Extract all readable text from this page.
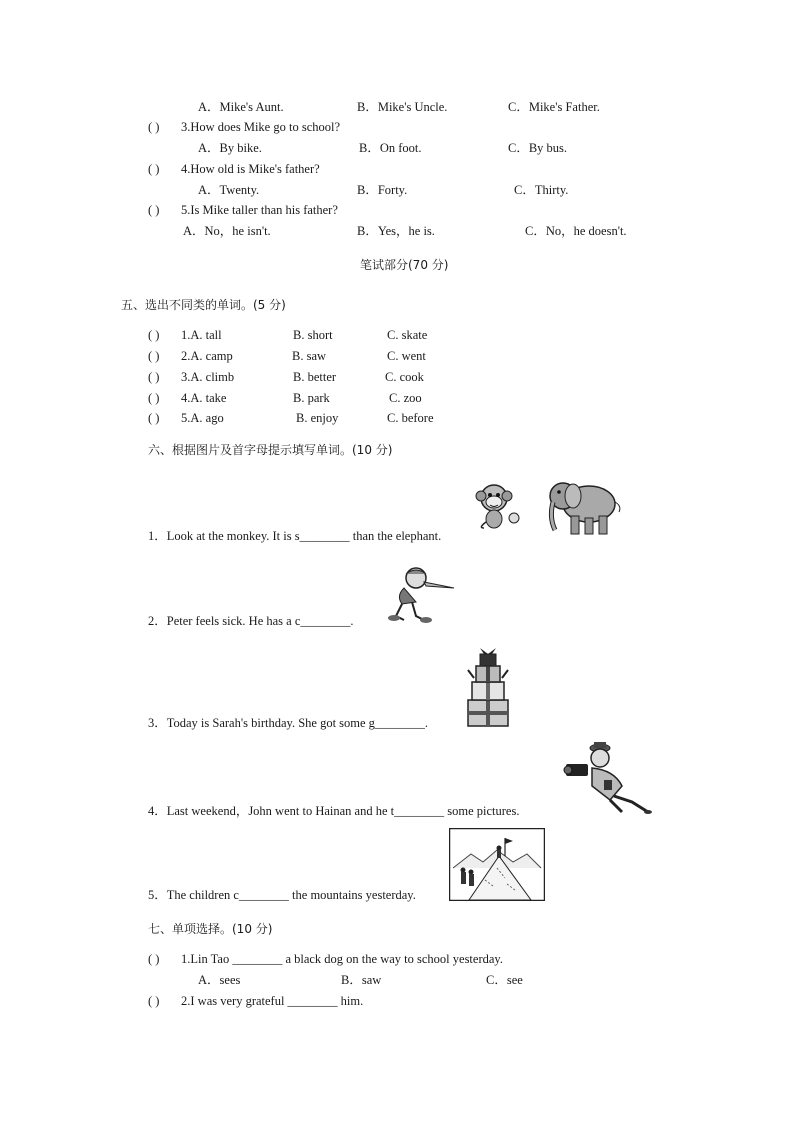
A．Mike's Aunt.	B．Mike's Uncle.	C．Mike's Father.
( ) 3.How does Mike go to school?
A．By bike.	B．On foot.	C．By bus.
( ) 4.How old is Mike's father?
A．Twenty.	B．Forty.	C．Thirty.
( ) 5.Is Mike taller than his father?
A．No，he isn't.	B．Yes，he is.	C．No，he doesn't.
笔试部分(70 分)
五、选出不同类的单词。(5 分)
( ) 1.A. tall	B. short	C. skate
( ) 2.A. camp	B. saw	C. went
( ) 3.A. climb	B. better	C. cook
( ) 4.A. take	B. park	C. zoo
( ) 5.A. ago	B. enjoy	C. before
六、根据图片及首字母提示填写单词。(10 分)
1．Look at the monkey. It is s________ than the elephant.
2．Peter feels sick. He has a c________.
3．Today is Sarah's birthday. She got some g________.
4．Last weekend，John went to Hainan and he t________ some pictures.
5．The children c________ the mountains yesterday.
七、单项选择。(10 分)
( ) 1.Lin Tao ________ a black dog on the way to school yesterday.
A．sees	B．saw	C．see
( ) 2.I was very grateful ________ him.
